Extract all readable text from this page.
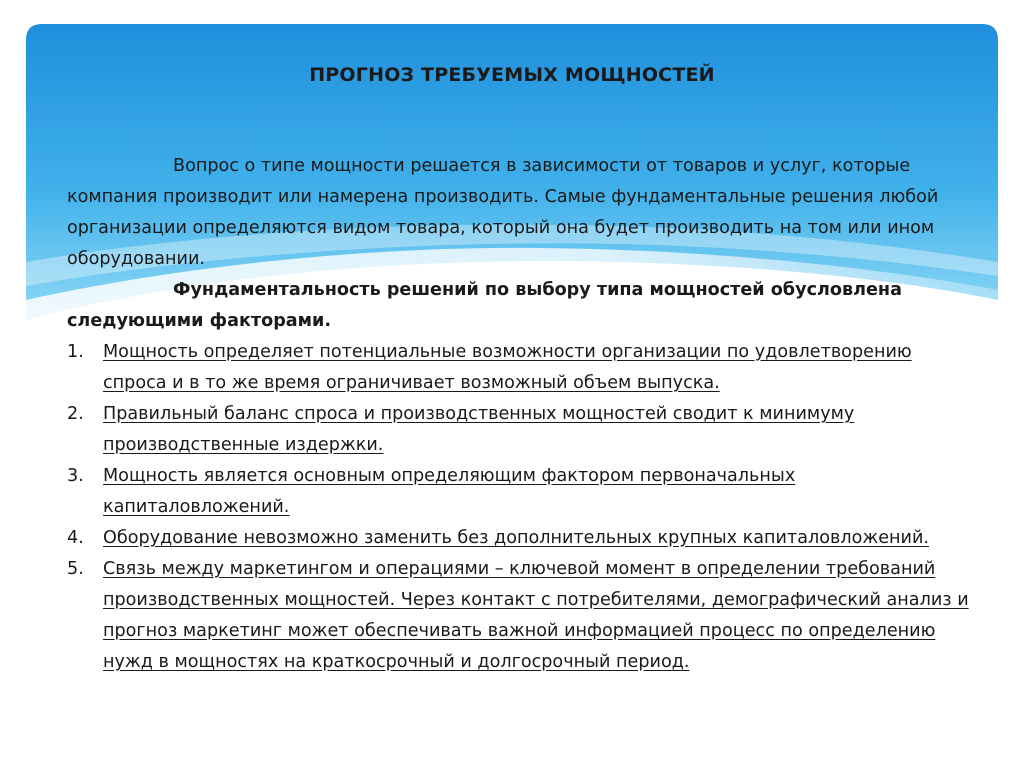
ПРОГНОЗ ТРЕБУЕМЫХ МОЩНОСТЕЙ

Вопрос о типе мощности решается в зависимости от товаров и услуг, которые компания производит или намерена производить. Самые фундаментальные решения любой организации определяются видом товара, который она будет производить на том или ином оборудовании.

Фундаментальность решений по выбору типа мощностей обусловлена следующими факторами.

1.	Мощность определяет потенциальные возможности организации по удовлетворению спроса и в то же время ограничивает возможный объем выпуска.
2.	Правильный баланс спроса и производственных мощностей сводит к минимуму производственные издержки.
3.	Мощность является основным определяющим фактором первоначальных капиталовложений.
4.	Оборудование невозможно заменить без дополнительных крупных капиталовложений.
5.	Связь между маркетингом и операциями – ключевой момент в определении требований производственных мощностей. Через контакт с потребителями, демографический анализ и прогноз маркетинг может обеспечивать важной информацией процесс по определению нужд в мощностях на краткосрочный и долгосрочный период.
